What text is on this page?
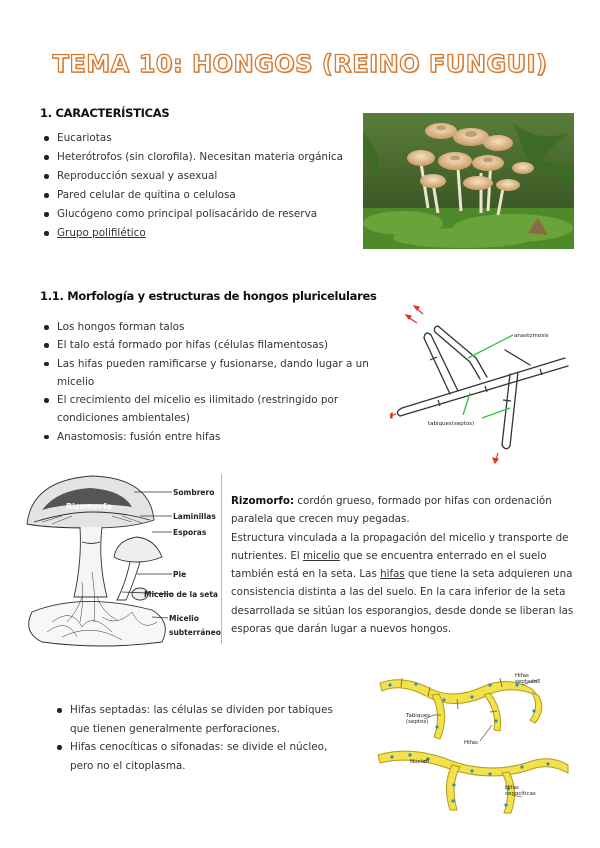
TEMA 10: HONGOS (REINO FUNGUI)
1. CARACTERÍSTICAS
Eucariotas
Heterótrofos (sin clorofila). Necesitan materia orgánica
Reproducción sexual y asexual
Pared celular de quitina o celulosa
Glucógeno como principal polisacárido de reserva
Grupo polifilético
1.1. Morfología y estructuras de hongos pluricelulares
Los hongos forman talos
El talo está formado por hifas (células filamentosas)
Las hifas pueden ramificarse y fusionarse, dando lugar a un micelio
El crecimiento del micelio es ilimitado (restringido por condiciones ambientales)
Anastomosis: fusión entre hifas
anastomosis
tabiques(septos)
Rizomorfo
Sombrero
Laminillas
Esporas
Pie
Micelio de la seta
Micelio
subterráneo
Rizomorfo: cordón grueso, formado por hifas con ordenación paralela que crecen muy pegadas.
Estructura vinculada a la propagación del micelio y transporte de nutrientes. El micelio que se encuentra enterrado en el suelo también está en la seta. Las hifas que tiene la seta adquieren una consistencia distinta a las del suelo. En la cara inferior de la seta desarrollada se sitúan los esporangios, desde donde se liberan las esporas que darán lugar a nuevos hongos.
Hifas septadas: las células se dividen por tabiques que tienen generalmente perforaciones.
Hifas cenocíticas o sifonadas: se divide el núcleo, pero no el citoplasma.
Hifas
septadas
Tabiques
(septos)
Hifas
Núcleo
Hifas
cenocíticas
